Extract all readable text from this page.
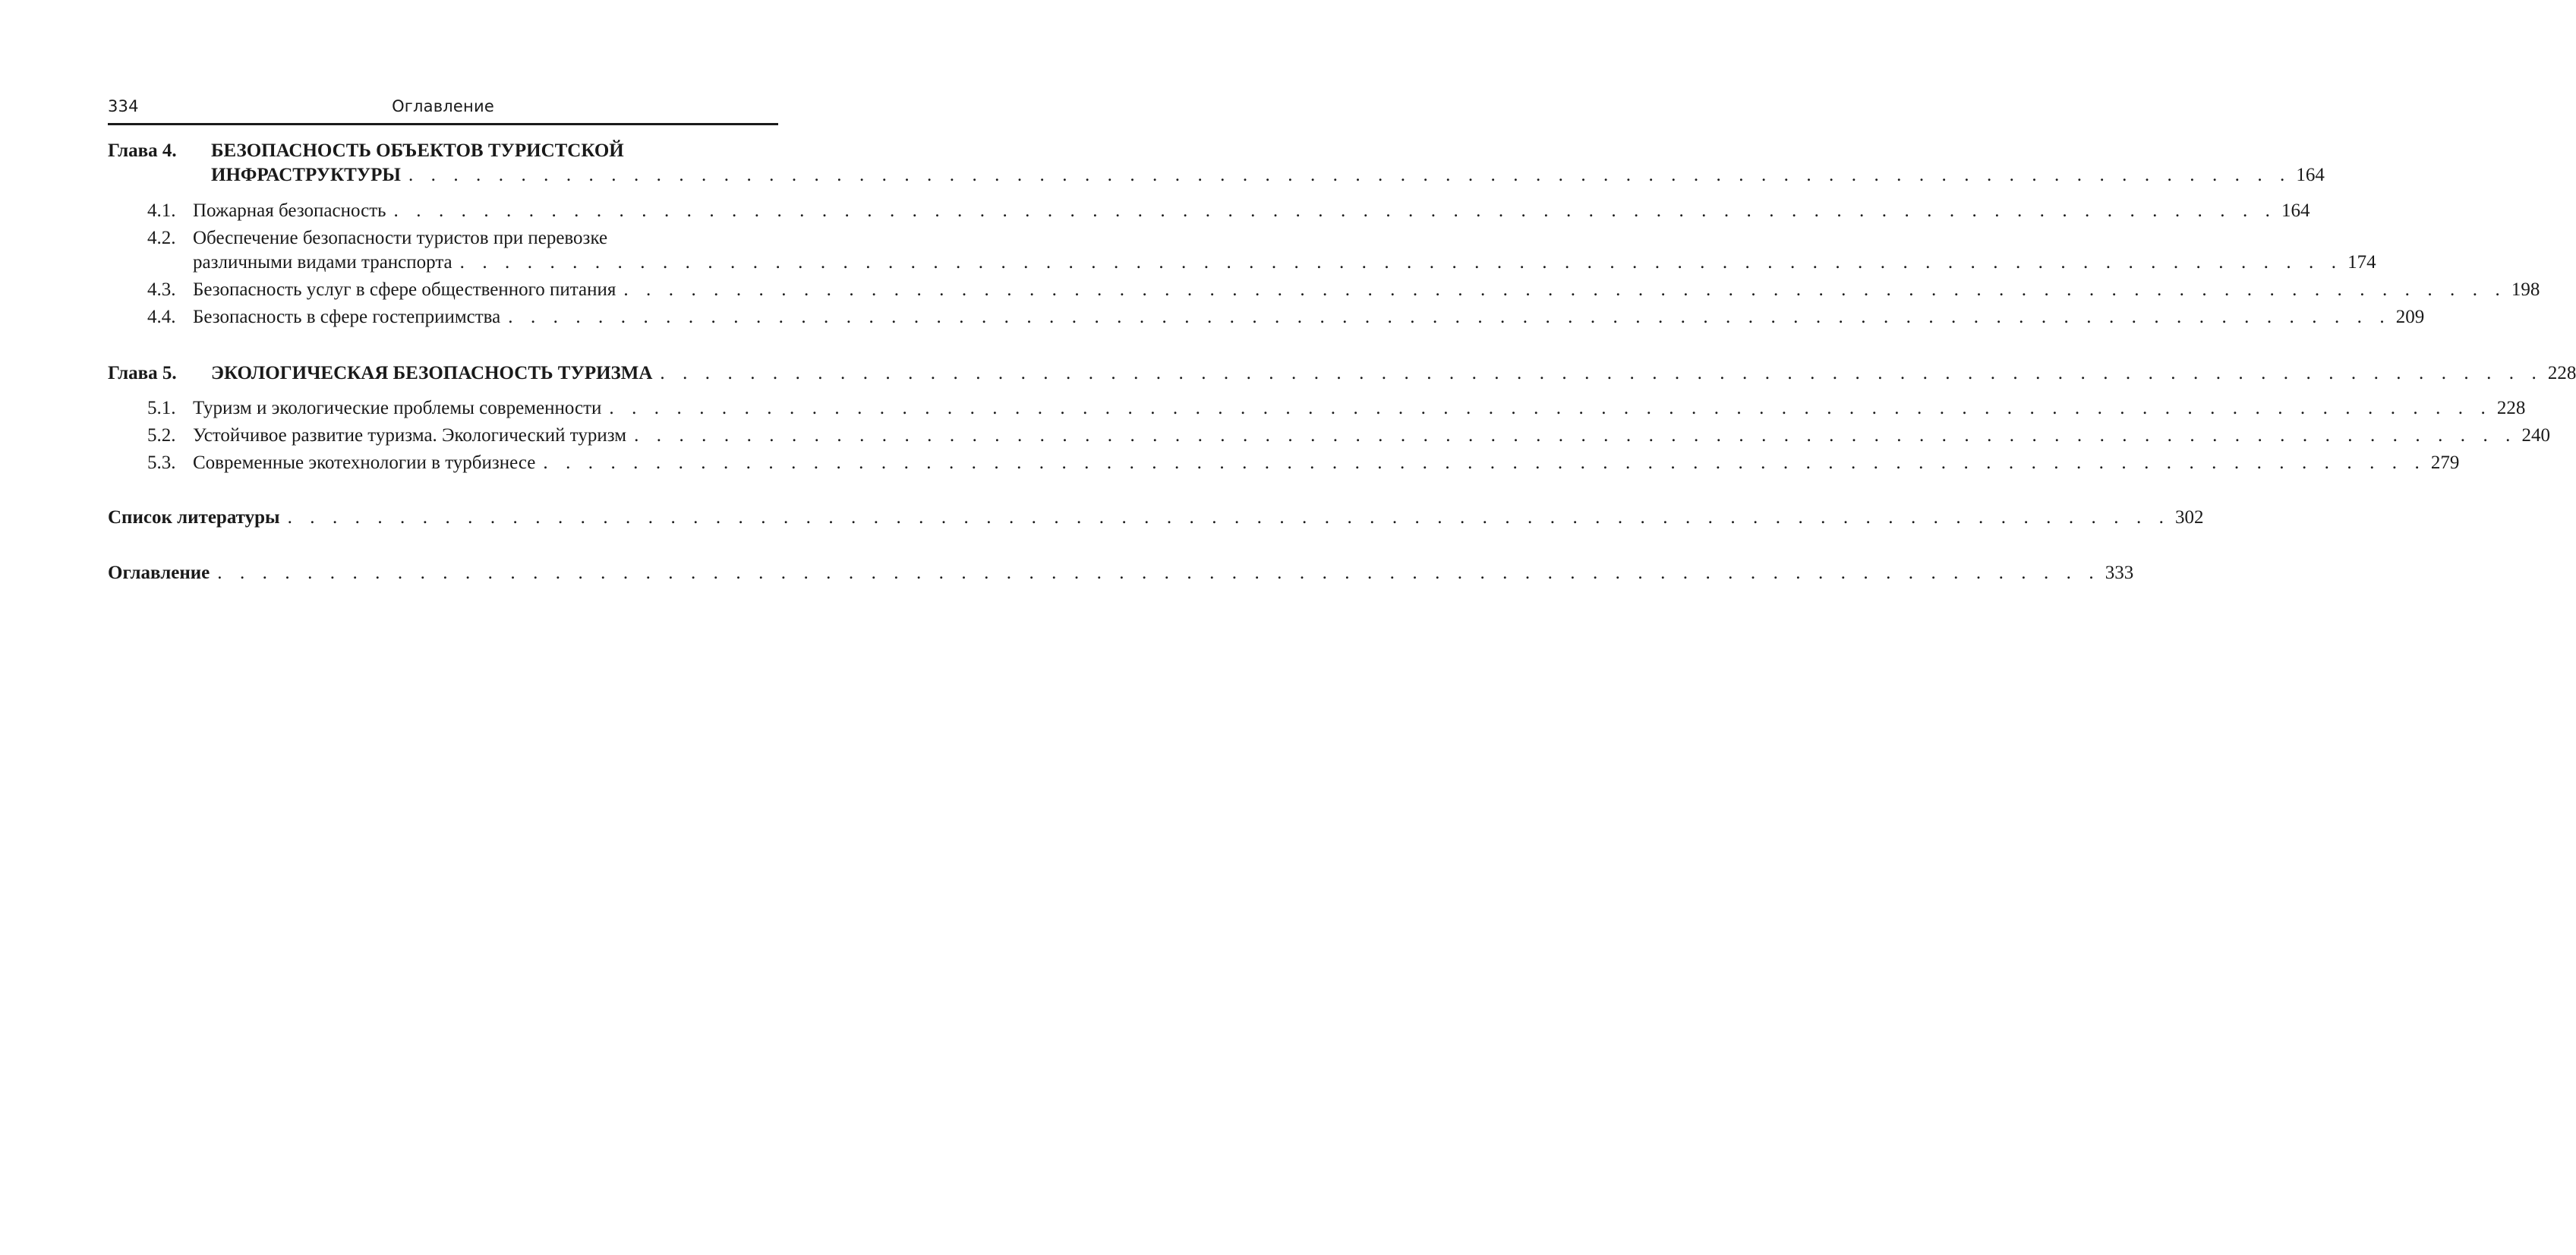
334	Оглавление
Глава 4. БЕЗОПАСНОСТЬ ОБЪЕКТОВ ТУРИСТСКОЙ
ИНФРАСТРУКТУРЫ . . . . . . . . . . . . . . . . . . . . . . . . . . . . . . . . . . . . . . . . . . . . . . . . . . . . . . . . . . . . . . . . . . . . . . . . . . . . . . . . . . . . 164
4.1. Пожарная безопасность . . . . . . . . . . . . . . . . . . . . . . . . . . . . . . . . . . . . . . . . . . . . . . . . . . . . . . . . . . . . . . . . . . . . . . . . . . . . . . . . . . . . 164
4.2. Обеспечение безопасности туристов при перевозке
различными видами транспорта . . . . . . . . . . . . . . . . . . . . . . . . . . . . . . . . . . . . . . . . . . . . . . . . . . . . . . . . . . . . . . . . . . . . . . . . . . . . . . . . . . . . 174
4.3. Безопасность услуг в сфере общественного питания . . . . . . . . . . . . . . . . . . . . . . . . . . . . . . . . . . . . . . . . . . . . . . . . . . . . . . . . . . . . . . . . . . . . . . . . . . . . . . . . . . . . 198
4.4. Безопасность в сфере гостеприимства . . . . . . . . . . . . . . . . . . . . . . . . . . . . . . . . . . . . . . . . . . . . . . . . . . . . . . . . . . . . . . . . . . . . . . . . . . . . . . . . . . . . 209
Глава 5. ЭКОЛОГИЧЕСКАЯ БЕЗОПАСНОСТЬ ТУРИЗМА . . . . . . . . . . . . . . . . . . . . . . . . . . . . . . . . . . . . . . . . . . . . . . . . . . . . . . . . . . . . . . . . . . . . . . . . . . . . . . . . . . . . 228
5.1. Туризм и экологические проблемы современности . . . . . . . . . . . . . . . . . . . . . . . . . . . . . . . . . . . . . . . . . . . . . . . . . . . . . . . . . . . . . . . . . . . . . . . . . . . . . . . . . . . . 228
5.2. Устойчивое развитие туризма. Экологический туризм . . . . . . . . . . . . . . . . . . . . . . . . . . . . . . . . . . . . . . . . . . . . . . . . . . . . . . . . . . . . . . . . . . . . . . . . . . . . . . . . . . . . 240
5.3. Современные экотехнологии в турбизнесе . . . . . . . . . . . . . . . . . . . . . . . . . . . . . . . . . . . . . . . . . . . . . . . . . . . . . . . . . . . . . . . . . . . . . . . . . . . . . . . . . . . . 279
Список литературы . . . . . . . . . . . . . . . . . . . . . . . . . . . . . . . . . . . . . . . . . . . . . . . . . . . . . . . . . . . . . . . . . . . . . . . . . . . . . . . . . . . . 302
Оглавление . . . . . . . . . . . . . . . . . . . . . . . . . . . . . . . . . . . . . . . . . . . . . . . . . . . . . . . . . . . . . . . . . . . . . . . . . . . . . . . . . . . . 333
